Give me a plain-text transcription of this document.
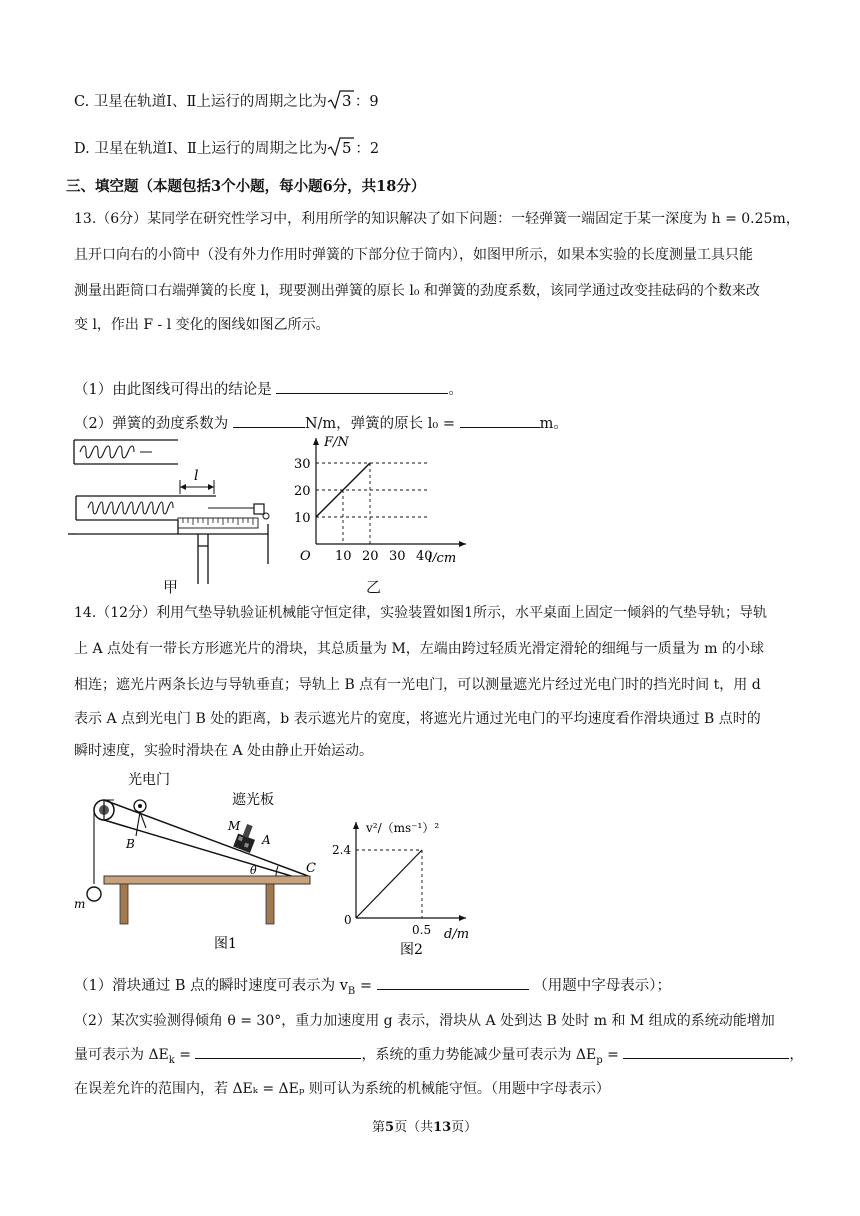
C. 卫星在轨道Ⅰ、Ⅱ上运行的周期之比为 3 ：9
D. 卫星在轨道Ⅰ、Ⅱ上运行的周期之比为 5 ：2
三、填空题（本题包括3个小题，每小题6分，共18分）
13.（6分）某同学在研究性学习中，利用所学的知识解决了如下问题：一轻弹簧一端固定于某一深度为 h = 0.25m，
且开口向右的小筒中（没有外力作用时弹簧的下部分位于筒内），如图甲所示，如果本实验的长度测量工具只能
测量出距筒口右端弹簧的长度 l，现要测出弹簧的原长 l₀ 和弹簧的劲度系数，该同学通过改变挂砝码的个数来改
变 l，作出 F - l 变化的图线如图乙所示。
（1）由此图线可得出的结论是	。
（2）弹簧的劲度系数为	N/m，弹簧的原长 l₀ =	m。
l
甲
F/N
l/cm
O 10 20 30 40
10
20
30
乙
14.（12分）利用气垫导轨验证机械能守恒定律，实验装置如图1所示，水平桌面上固定一倾斜的气垫导轨；导轨
上 A 点处有一带长方形遮光片的滑块，其总质量为 M，左端由跨过轻质光滑定滑轮的细绳与一质量为 m 的小球
相连；遮光片两条长边与导轨垂直；导轨上 B 点有一光电门，可以测量遮光片经过光电门时的挡光时间 t，用 d
表示 A 点到光电门 B 处的距离，b 表示遮光片的宽度，将遮光片通过光电门的平均速度看作滑块通过 B 点时的
瞬时速度，实验时滑块在 A 处由静止开始运动。
光电门
遮光板
B
M
A
C
θ
m
图1
v²/（ms⁻¹）²
d/m
0
2.4
0.5
图2
（1）滑块通过 B 点的瞬时速度可表示为 $v_B$ =	（用题中字母表示）；
（2）某次实验测得倾角 θ = 30°，重力加速度用 g 表示，滑块从 A 处到达 B 处时 m 和 M 组成的系统动能增加
量可表示为 $\Delta E_k$ =	，系统的重力势能减少量可表示为 $\Delta E_p$ =	，
在误差允许的范围内，若 ΔEₖ = ΔEₚ 则可认为系统的机械能守恒。（用题中字母表示）
第5页（共13页）
